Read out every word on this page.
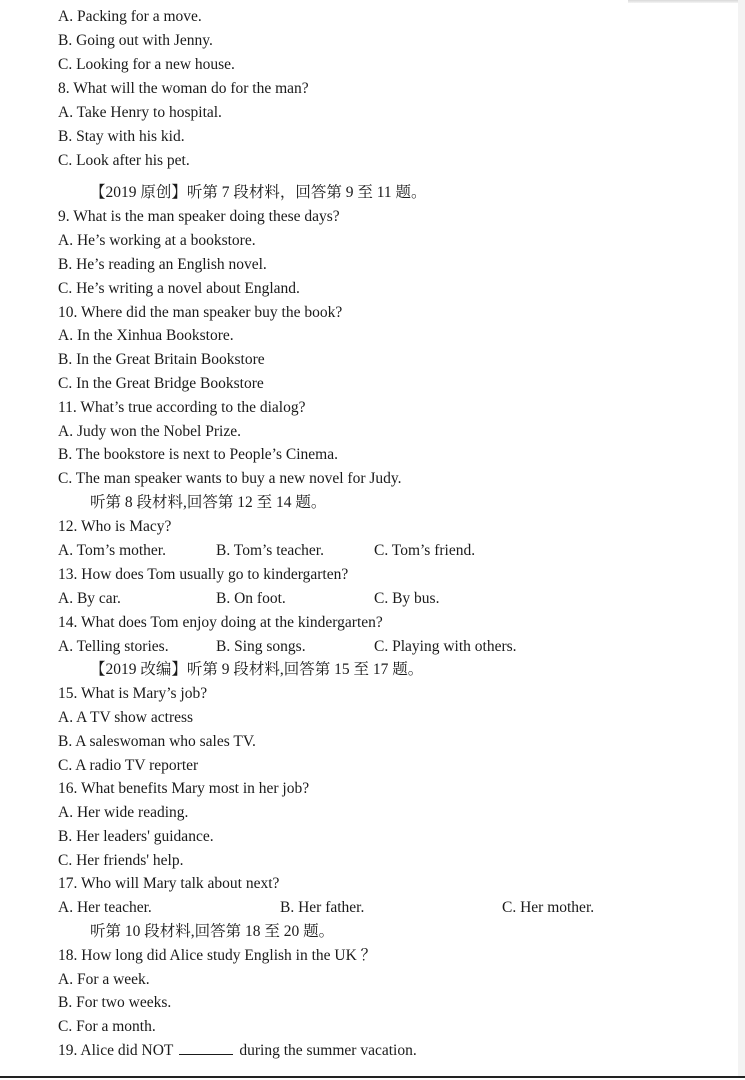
A. Packing for a move.
B. Going out with Jenny.
C. Looking for a new house.
8. What will the woman do for the man?
A. Take Henry to hospital.
B. Stay with his kid.
C. Look after his pet.
【2019 原创】听第 7 段材料，回答第 9 至 11 题。
9. What is the man speaker doing these days?
A. He’s working at a bookstore.
B. He’s reading an English novel.
C. He’s writing a novel about England.
10. Where did the man speaker buy the book?
A. In the Xinhua Bookstore.
B. In the Great Britain Bookstore
C. In the Great Bridge Bookstore
11. What’s true according to the dialog?
A. Judy won the Nobel Prize.
B. The bookstore is next to People’s Cinema.
C. The man speaker wants to buy a new novel for Judy.
听第 8 段材料,回答第 12 至 14 题。
12. Who is Macy?
A. Tom’s mother.	B. Tom’s teacher.	C. Tom’s friend.
13. How does Tom usually go to kindergarten?
A. By car.	B. On foot.	C. By bus.
14. What does Tom enjoy doing at the kindergarten?
A. Telling stories.	B. Sing songs.	C. Playing with others.
【2019 改编】听第 9 段材料,回答第 15 至 17 题。
15. What is Mary’s job?
A. A TV show actress
B. A saleswoman who sales TV.
C. A radio TV reporter
16. What benefits Mary most in her job?
A. Her wide reading.
B. Her leaders' guidance.
C. Her friends' help.
17. Who will Mary talk about next?
A. Her teacher.	B. Her father.	C. Her mother.
听第 10 段材料,回答第 18 至 20 题。
18. How long did Alice study English in the UK ？
A. For a week.
B. For two weeks.
C. For a month.
19. Alice did NOT	during the summer vacation.
